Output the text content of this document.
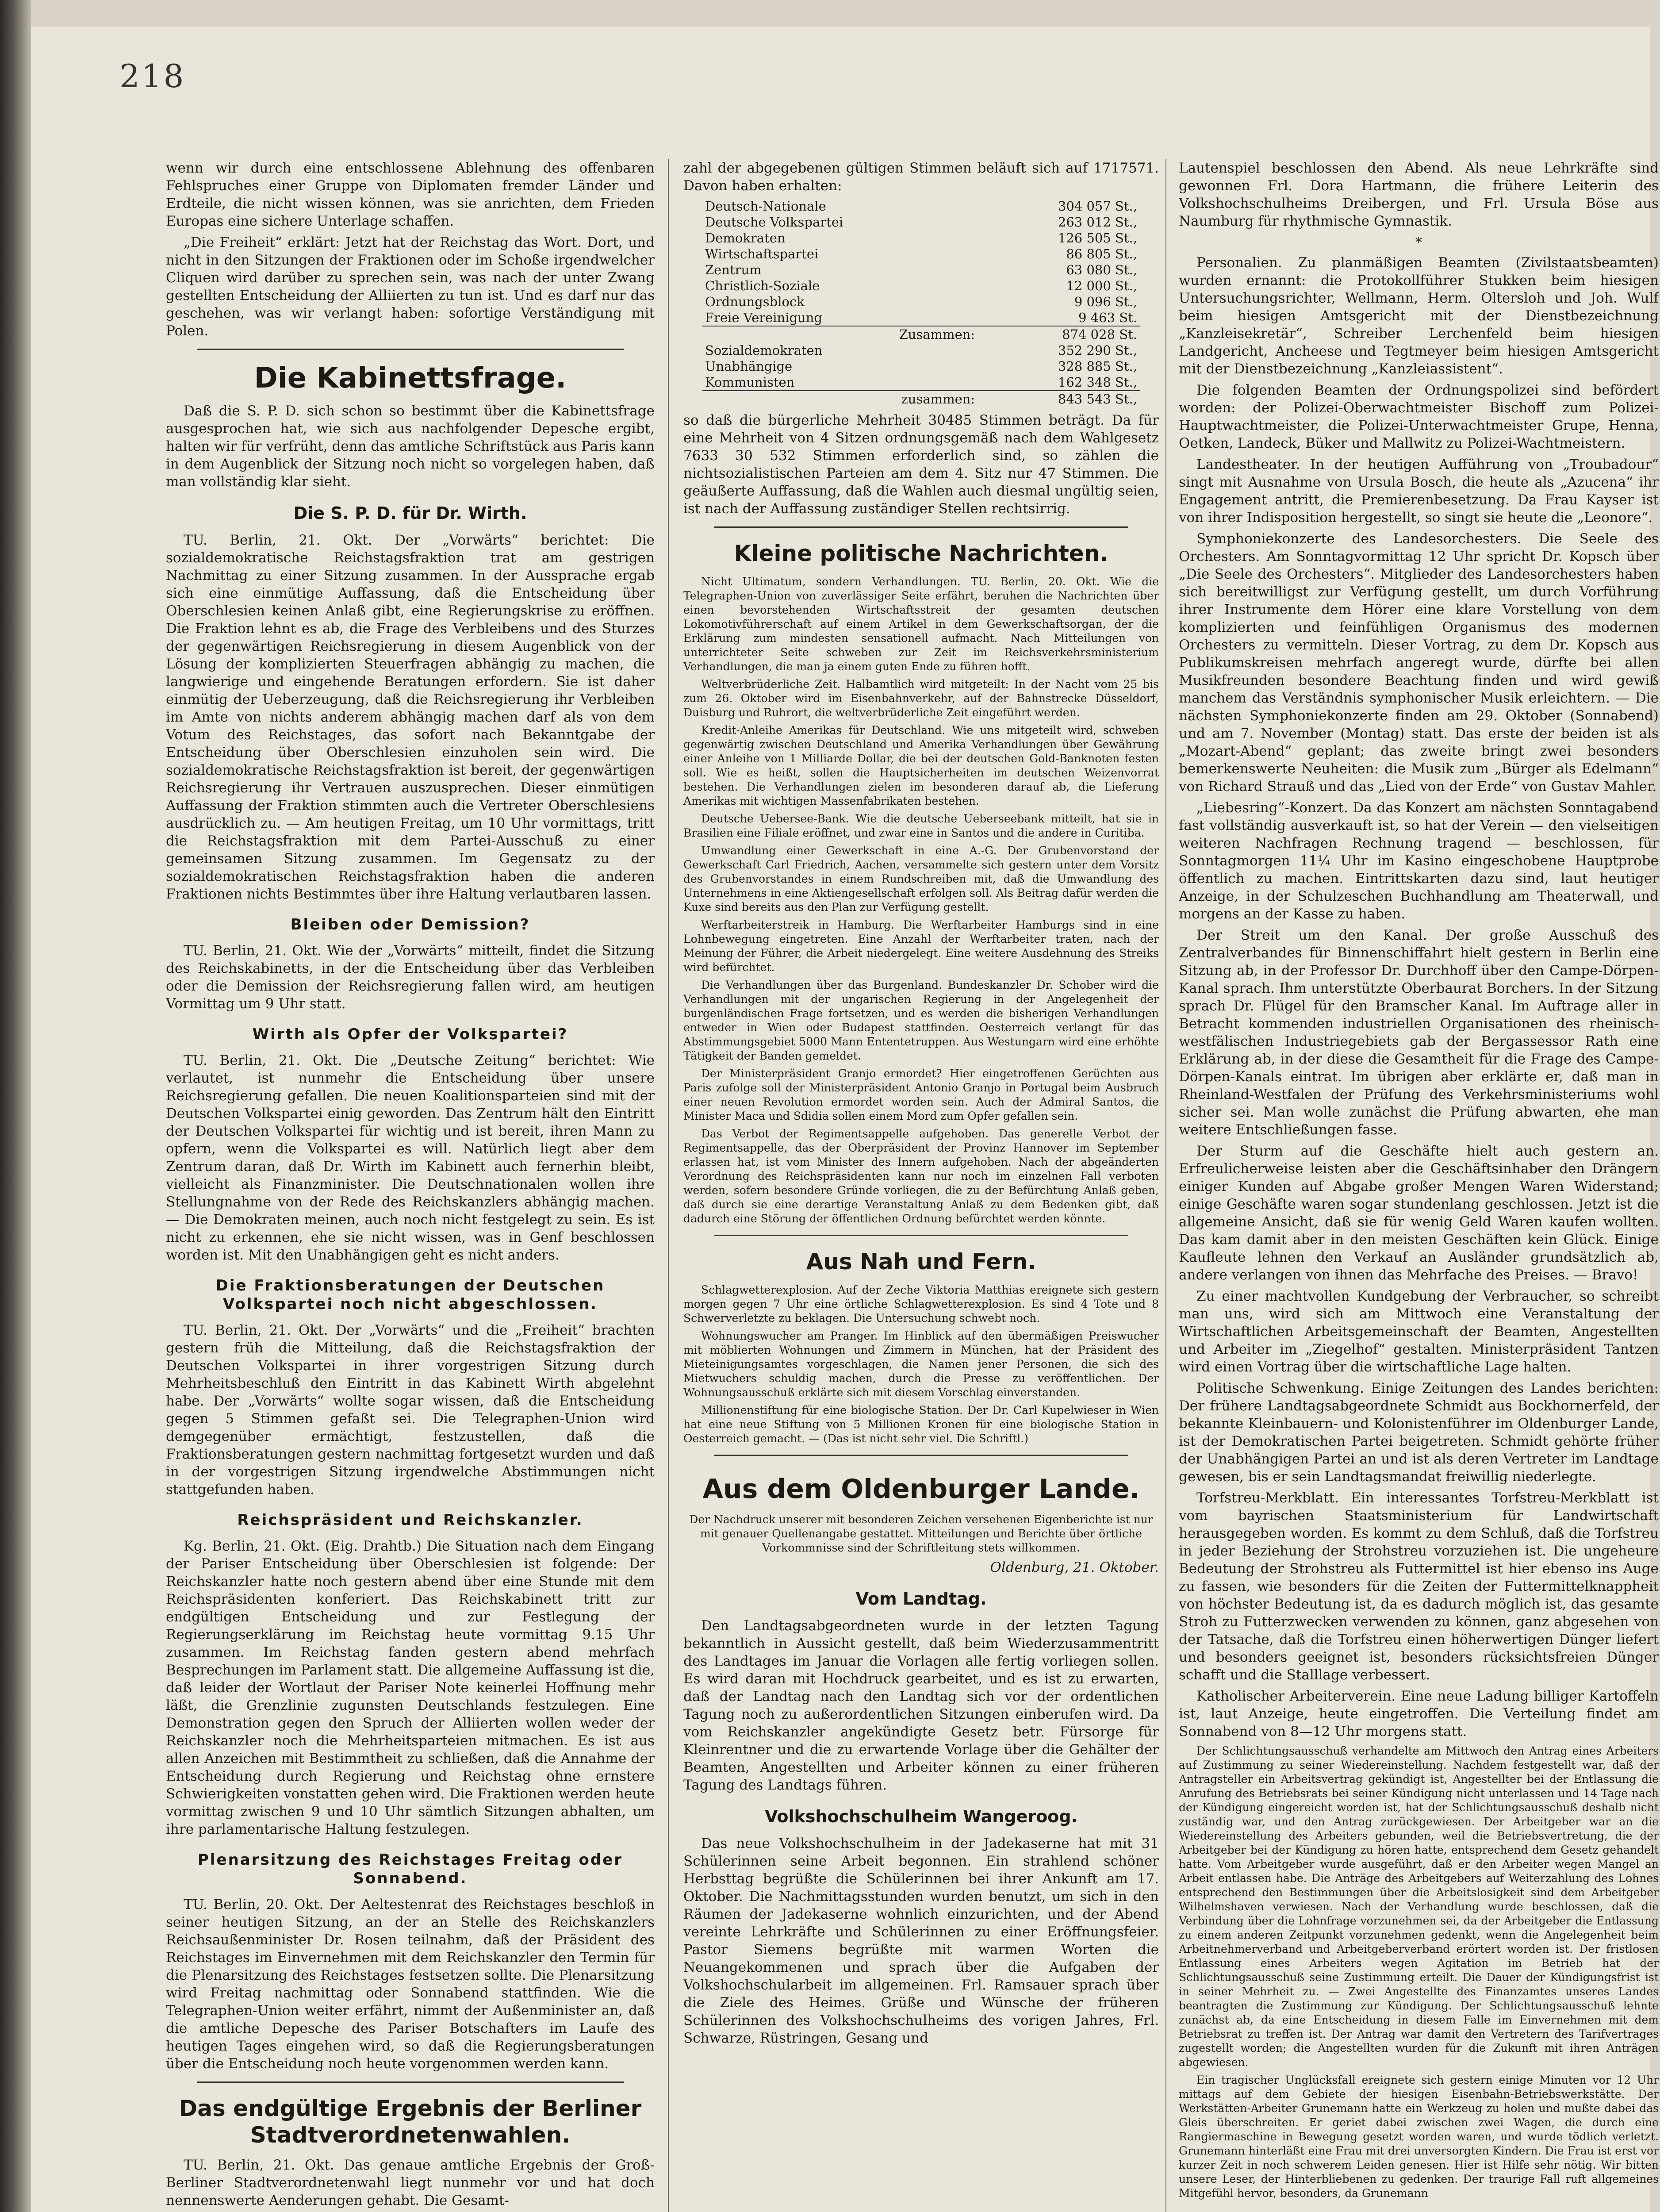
218

wenn wir durch eine entschlossene Ablehnung des offenbaren Fehlspruches einer Gruppe von Diplomaten fremder Länder und Erdteile, die nicht wissen können, was sie anrichten, dem Frieden Europas eine sichere Unterlage schaffen.

„Die Freiheit“ erklärt: Jetzt hat der Reichstag das Wort. Dort, und nicht in den Sitzungen der Fraktionen oder im Schoße irgendwelcher Cliquen wird darüber zu sprechen sein, was nach der unter Zwang gestellten Entscheidung der Alliierten zu tun ist. Und es darf nur das geschehen, was wir verlangt haben: sofortige Verständigung mit Polen.

Die Kabinettsfrage.

Daß die S. P. D. sich schon so bestimmt über die Kabinettsfrage ausgesprochen hat, wie sich aus nachfolgender Depesche ergibt, halten wir für verfrüht, denn das amtliche Schriftstück aus Paris kann in dem Augenblick der Sitzung noch nicht so vorgelegen haben, daß man vollständig klar sieht.

Die S. P. D. für Dr. Wirth.

TU. Berlin, 21. Okt. Der „Vorwärts“ berichtet: Die sozialdemokratische Reichstagsfraktion trat am gestrigen Nachmittag zu einer Sitzung zusammen. In der Aussprache ergab sich eine einmütige Auffassung, daß die Entscheidung über Oberschlesien keinen Anlaß gibt, eine Regierungskrise zu eröffnen. Die Fraktion lehnt es ab, die Frage des Verbleibens und des Sturzes der gegenwärtigen Reichsregierung in diesem Augenblick von der Lösung der komplizierten Steuerfragen abhängig zu machen, die langwierige und eingehende Beratungen erfordern. Sie ist daher einmütig der Ueberzeugung, daß die Reichsregierung ihr Verbleiben im Amte von nichts anderem abhängig machen darf als von dem Votum des Reichstages, das sofort nach Bekanntgabe der Entscheidung über Oberschlesien einzuholen sein wird. Die sozialdemokratische Reichstagsfraktion ist bereit, der gegenwärtigen Reichsregierung ihr Vertrauen auszusprechen. Dieser einmütigen Auffassung der Fraktion stimmten auch die Vertreter Oberschlesiens ausdrücklich zu. — Am heutigen Freitag, um 10 Uhr vormittags, tritt die Reichstagsfraktion mit dem Partei-Ausschuß zu einer gemeinsamen Sitzung zusammen. Im Gegensatz zu der sozialdemokratischen Reichstagsfraktion haben die anderen Fraktionen nichts Bestimmtes über ihre Haltung verlautbaren lassen.

Bleiben oder Demission?

TU. Berlin, 21. Okt. Wie der „Vorwärts“ mitteilt, findet die Sitzung des Reichskabinetts, in der die Entscheidung über das Verbleiben oder die Demission der Reichsregierung fallen wird, am heutigen Vormittag um 9 Uhr statt.

Wirth als Opfer der Volkspartei?

TU. Berlin, 21. Okt. Die „Deutsche Zeitung“ berichtet: Wie verlautet, ist nunmehr die Entscheidung über unsere Reichsregierung gefallen. Die neuen Koalitionsparteien sind mit der Deutschen Volkspartei einig geworden. Das Zentrum hält den Eintritt der Deutschen Volkspartei für wichtig und ist bereit, ihren Mann zu opfern, wenn die Volkspartei es will. Natürlich liegt aber dem Zentrum daran, daß Dr. Wirth im Kabinett auch fernerhin bleibt, vielleicht als Finanzminister. Die Deutschnationalen wollen ihre Stellungnahme von der Rede des Reichskanzlers abhängig machen. — Die Demokraten meinen, auch noch nicht festgelegt zu sein. Es ist nicht zu erkennen, ehe sie nicht wissen, was in Genf beschlossen worden ist. Mit den Unabhängigen geht es nicht anders.

Die Fraktionsberatungen der Deutschen Volkspartei noch nicht abgeschlossen.

TU. Berlin, 21. Okt. Der „Vorwärts“ und die „Freiheit“ brachten gestern früh die Mitteilung, daß die Reichstagsfraktion der Deutschen Volkspartei in ihrer vorgestrigen Sitzung durch Mehrheitsbeschluß den Eintritt in das Kabinett Wirth abgelehnt habe. Der „Vorwärts“ wollte sogar wissen, daß die Entscheidung gegen 5 Stimmen gefaßt sei. Die Telegraphen-Union wird demgegenüber ermächtigt, festzustellen, daß die Fraktionsberatungen gestern nachmittag fortgesetzt wurden und daß in der vorgestrigen Sitzung irgendwelche Abstimmungen nicht stattgefunden haben.

Reichspräsident und Reichskanzler.

Kg. Berlin, 21. Okt. (Eig. Drahtb.) Die Situation nach dem Eingang der Pariser Entscheidung über Oberschlesien ist folgende: Der Reichskanzler hatte noch gestern abend über eine Stunde mit dem Reichspräsidenten konferiert. Das Reichskabinett tritt zur endgültigen Entscheidung und zur Festlegung der Regierungserklärung im Reichstag heute vormittag 9.15 Uhr zusammen. Im Reichstag fanden gestern abend mehrfach Besprechungen im Parlament statt. Die allgemeine Auffassung ist die, daß leider der Wortlaut der Pariser Note keinerlei Hoffnung mehr läßt, die Grenzlinie zugunsten Deutschlands festzulegen. Eine Demonstration gegen den Spruch der Alliierten wollen weder der Reichskanzler noch die Mehrheitsparteien mitmachen. Es ist aus allen Anzeichen mit Bestimmtheit zu schließen, daß die Annahme der Entscheidung durch Regierung und Reichstag ohne ernstere Schwierigkeiten vonstatten gehen wird. Die Fraktionen werden heute vormittag zwischen 9 und 10 Uhr sämtlich Sitzungen abhalten, um ihre parlamentarische Haltung festzulegen.

Plenarsitzung des Reichstages Freitag oder Sonnabend.

TU. Berlin, 20. Okt. Der Aeltestenrat des Reichstages beschloß in seiner heutigen Sitzung, an der an Stelle des Reichskanzlers Reichsaußenminister Dr. Rosen teilnahm, daß der Präsident des Reichstages im Einvernehmen mit dem Reichskanzler den Termin für die Plenarsitzung des Reichstages festsetzen sollte. Die Plenarsitzung wird Freitag nachmittag oder Sonnabend stattfinden. Wie die Telegraphen-Union weiter erfährt, nimmt der Außenminister an, daß die amtliche Depesche des Pariser Botschafters im Laufe des heutigen Tages eingehen wird, so daß die Regierungsberatungen über die Entscheidung noch heute vorgenommen werden kann.

Das endgültige Ergebnis der Berliner Stadtverordnetenwahlen.

TU. Berlin, 21. Okt. Das genaue amtliche Ergebnis der Groß-Berliner Stadtverordnetenwahl liegt nunmehr vor und hat doch nennenswerte Aenderungen gehabt. Die Gesamt-

zahl der abgegebenen gültigen Stimmen beläuft sich auf 1717571. Davon haben erhalten:

Deutsch-Nationale	304 057 St.,
Deutsche Volkspartei	263 012 St.,
Demokraten	126 505 St.,
Wirtschaftspartei	86 805 St.,
Zentrum	63 080 St.,
Christlich-Soziale	12 000 St.,
Ordnungsblock	9 096 St.,
Freie Vereinigung	9 463 St.
Zusammen:	874 028 St.
Sozialdemokraten	352 290 St.,
Unabhängige	328 885 St.,
Kommunisten	162 348 St.,
zusammen:	843 543 St.,

so daß die bürgerliche Mehrheit 30485 Stimmen beträgt. Da für eine Mehrheit von 4 Sitzen ordnungsgemäß nach dem Wahlgesetz 7633 30 532 Stimmen erforderlich sind, so zählen die nichtsozialistischen Parteien am dem 4. Sitz nur 47 Stimmen. Die geäußerte Auffassung, daß die Wahlen auch diesmal ungültig seien, ist nach der Auffassung zuständiger Stellen rechtsirrig.

Kleine politische Nachrichten.

Nicht Ultimatum, sondern Verhandlungen. TU. Berlin, 20. Okt. Wie die Telegraphen-Union von zuverlässiger Seite erfährt, beruhen die Nachrichten über einen bevorstehenden Wirtschaftsstreit der gesamten deutschen Lokomotivführerschaft auf einem Artikel in dem Gewerkschaftsorgan, der die Erklärung zum mindesten sensationell aufmacht. Nach Mitteilungen von unterrichteter Seite schweben zur Zeit im Reichsverkehrsministerium Verhandlungen, die man ja einem guten Ende zu führen hofft.

Weltverbrüderliche Zeit. Halbamtlich wird mitgeteilt: In der Nacht vom 25 bis zum 26. Oktober wird im Eisenbahnverkehr, auf der Bahnstrecke Düsseldorf, Duisburg und Ruhrort, die weltverbrüderliche Zeit eingeführt werden.

Kredit-Anleihe Amerikas für Deutschland. Wie uns mitgeteilt wird, schweben gegenwärtig zwischen Deutschland und Amerika Verhandlungen über Gewährung einer Anleihe von 1 Milliarde Dollar, die bei der deutschen Gold-Banknoten festen soll. Wie es heißt, sollen die Hauptsicherheiten im deutschen Weizenvorrat bestehen. Die Verhandlungen zielen im besonderen darauf ab, die Lieferung Amerikas mit wichtigen Massenfabrikaten bestehen.

Deutsche Uebersee-Bank. Wie die deutsche Ueberseebank mitteilt, hat sie in Brasilien eine Filiale eröffnet, und zwar eine in Santos und die andere in Curitiba.

Umwandlung einer Gewerkschaft in eine A.-G. Der Grubenvorstand der Gewerkschaft Carl Friedrich, Aachen, versammelte sich gestern unter dem Vorsitz des Grubenvorstandes in einem Rundschreiben mit, daß die Umwandlung des Unternehmens in eine Aktiengesellschaft erfolgen soll. Als Beitrag dafür werden die Kuxe sind bereits aus den Plan zur Verfügung gestellt.

Werftarbeiterstreik in Hamburg. Die Werftarbeiter Hamburgs sind in eine Lohnbewegung eingetreten. Eine Anzahl der Werftarbeiter traten, nach der Meinung der Führer, die Arbeit niedergelegt. Eine weitere Ausdehnung des Streiks wird befürchtet.

Die Verhandlungen über das Burgenland. Bundeskanzler Dr. Schober wird die Verhandlungen mit der ungarischen Regierung in der Angelegenheit der burgenländischen Frage fortsetzen, und es werden die bisherigen Verhandlungen entweder in Wien oder Budapest stattfinden. Oesterreich verlangt für das Abstimmungsgebiet 5000 Mann Ententetruppen. Aus Westungarn wird eine erhöhte Tätigkeit der Banden gemeldet.

Der Ministerpräsident Granjo ermordet? Hier eingetroffenen Gerüchten aus Paris zufolge soll der Ministerpräsident Antonio Granjo in Portugal beim Ausbruch einer neuen Revolution ermordet worden sein. Auch der Admiral Santos, die Minister Maca und Sdidia sollen einem Mord zum Opfer gefallen sein.

Das Verbot der Regimentsappelle aufgehoben. Das generelle Verbot der Regimentsappelle, das der Oberpräsident der Provinz Hannover im September erlassen hat, ist vom Minister des Innern aufgehoben. Nach der abgeänderten Verordnung des Reichspräsidenten kann nur noch im einzelnen Fall verboten werden, sofern besondere Gründe vorliegen, die zu der Befürchtung Anlaß geben, daß durch sie eine derartige Veranstaltung Anlaß zu dem Bedenken gibt, daß dadurch eine Störung der öffentlichen Ordnung befürchtet werden könnte.

Aus Nah und Fern.

Schlagwetterexplosion. Auf der Zeche Viktoria Matthias ereignete sich gestern morgen gegen 7 Uhr eine örtliche Schlagwetterexplosion. Es sind 4 Tote und 8 Schwerverletzte zu beklagen. Die Untersuchung schwebt noch.

Wohnungswucher am Pranger. Im Hinblick auf den übermäßigen Preiswucher mit möblierten Wohnungen und Zimmern in München, hat der Präsident des Mieteinigungsamtes vorgeschlagen, die Namen jener Personen, die sich des Mietwuchers schuldig machen, durch die Presse zu veröffentlichen. Der Wohnungsausschuß erklärte sich mit diesem Vorschlag einverstanden.

Millionenstiftung für eine biologische Station. Der Dr. Carl Kupelwieser in Wien hat eine neue Stiftung von 5 Millionen Kronen für eine biologische Station in Oesterreich gemacht. — (Das ist nicht sehr viel. Die Schriftl.)

Aus dem Oldenburger Lande.

Der Nachdruck unserer mit besonderen Zeichen versehenen Eigenberichte ist nur mit genauer Quellenangabe gestattet. Mitteilungen und Berichte über örtliche Vorkommnisse sind der Schriftleitung stets willkommen.

Oldenburg, 21. Oktober.
Vom Landtag.

Den Landtagsabgeordneten wurde in der letzten Tagung bekanntlich in Aussicht gestellt, daß beim Wiederzusammentritt des Landtages im Januar die Vorlagen alle fertig vorliegen sollen. Es wird daran mit Hochdruck gearbeitet, und es ist zu erwarten, daß der Landtag nach den Landtag sich vor der ordentlichen Tagung noch zu außerordentlichen Sitzungen einberufen wird. Da vom Reichskanzler angekündigte Gesetz betr. Fürsorge für Kleinrentner und die zu erwartende Vorlage über die Gehälter der Beamten, Angestellten und Arbeiter können zu einer früheren Tagung des Landtags führen.

Volkshochschulheim Wangeroog.

Das neue Volkshochschulheim in der Jadekaserne hat mit 31 Schülerinnen seine Arbeit begonnen. Ein strahlend schöner Herbsttag begrüßte die Schülerinnen bei ihrer Ankunft am 17. Oktober. Die Nachmittagsstunden wurden benutzt, um sich in den Räumen der Jadekaserne wohnlich einzurichten, und der Abend vereinte Lehrkräfte und Schülerinnen zu einer Eröffnungsfeier. Pastor Siemens begrüßte mit warmen Worten die Neuangekommenen und sprach über die Aufgaben der Volkshochschularbeit im allgemeinen. Frl. Ramsauer sprach über die Ziele des Heimes. Grüße und Wünsche der früheren Schülerinnen des Volkshochschulheims des vorigen Jahres, Frl. Schwarze, Rüstringen, Gesang und

Lautenspiel beschlossen den Abend. Als neue Lehrkräfte sind gewonnen Frl. Dora Hartmann, die frühere Leiterin des Volkshochschulheims Dreibergen, und Frl. Ursula Böse aus Naumburg für rhythmische Gymnastik.

*

Personalien. Zu planmäßigen Beamten (Zivilstaatsbeamten) wurden ernannt: die Protokollführer Stukken beim hiesigen Untersuchungsrichter, Wellmann, Herm. Oltersloh und Joh. Wulf beim hiesigen Amtsgericht mit der Dienstbezeichnung „Kanzleisekretär“, Schreiber Lerchenfeld beim hiesigen Landgericht, Ancheese und Tegtmeyer beim hiesigen Amtsgericht mit der Dienstbezeichnung „Kanzleiassistent“.

Die folgenden Beamten der Ordnungspolizei sind befördert worden: der Polizei-Oberwachtmeister Bischoff zum Polizei-Hauptwachtmeister, die Polizei-Unterwachtmeister Grupe, Henna, Oetken, Landeck, Büker und Mallwitz zu Polizei-Wachtmeistern.

Landestheater. In der heutigen Aufführung von „Troubadour“ singt mit Ausnahme von Ursula Bosch, die heute als „Azucena“ ihr Engagement antritt, die Premierenbesetzung. Da Frau Kayser ist von ihrer Indisposition hergestellt, so singt sie heute die „Leonore“.

Symphoniekonzerte des Landesorchesters. Die Seele des Orchesters. Am Sonntagvormittag 12 Uhr spricht Dr. Kopsch über „Die Seele des Orchesters“. Mitglieder des Landesorchesters haben sich bereitwilligst zur Verfügung gestellt, um durch Vorführung ihrer Instrumente dem Hörer eine klare Vorstellung von dem komplizierten und feinfühligen Organismus des modernen Orchesters zu vermitteln. Dieser Vortrag, zu dem Dr. Kopsch aus Publikumskreisen mehrfach angeregt wurde, dürfte bei allen Musikfreunden besondere Beachtung finden und wird gewiß manchem das Verständnis symphonischer Musik erleichtern. — Die nächsten Symphoniekonzerte finden am 29. Oktober (Sonnabend) und am 7. November (Montag) statt. Das erste der beiden ist als „Mozart-Abend“ geplant; das zweite bringt zwei besonders bemerkenswerte Neuheiten: die Musik zum „Bürger als Edelmann“ von Richard Strauß und das „Lied von der Erde“ von Gustav Mahler.

„Liebesring“-Konzert. Da das Konzert am nächsten Sonntagabend fast vollständig ausverkauft ist, so hat der Verein — den vielseitigen weiteren Nachfragen Rechnung tragend — beschlossen, für Sonntagmorgen 11¼ Uhr im Kasino eingeschobene Hauptprobe öffentlich zu machen. Eintrittskarten dazu sind, laut heutiger Anzeige, in der Schulzeschen Buchhandlung am Theaterwall, und morgens an der Kasse zu haben.

Der Streit um den Kanal. Der große Ausschuß des Zentralverbandes für Binnenschiffahrt hielt gestern in Berlin eine Sitzung ab, in der Professor Dr. Durchhoff über den Campe-Dörpen-Kanal sprach. Ihm unterstützte Oberbaurat Borchers. In der Sitzung sprach Dr. Flügel für den Bramscher Kanal. Im Auftrage aller in Betracht kommenden industriellen Organisationen des rheinisch-westfälischen Industriegebiets gab der Bergassessor Rath eine Erklärung ab, in der diese die Gesamtheit für die Frage des Campe-Dörpen-Kanals eintrat. Im übrigen aber erklärte er, daß man in Rheinland-Westfalen der Prüfung des Verkehrsministeriums wohl sicher sei. Man wolle zunächst die Prüfung abwarten, ehe man weitere Entschließungen fasse.

Der Sturm auf die Geschäfte hielt auch gestern an. Erfreulicherweise leisten aber die Geschäftsinhaber den Drängern einiger Kunden auf Abgabe großer Mengen Waren Widerstand; einige Geschäfte waren sogar stundenlang geschlossen. Jetzt ist die allgemeine Ansicht, daß sie für wenig Geld Waren kaufen wollten. Das kam damit aber in den meisten Geschäften kein Glück. Einige Kaufleute lehnen den Verkauf an Ausländer grundsätzlich ab, andere verlangen von ihnen das Mehrfache des Preises. — Bravo!

Zu einer machtvollen Kundgebung der Verbraucher, so schreibt man uns, wird sich am Mittwoch eine Veranstaltung der Wirtschaftlichen Arbeitsgemeinschaft der Beamten, Angestellten und Arbeiter im „Ziegelhof“ gestalten. Ministerpräsident Tantzen wird einen Vortrag über die wirtschaftliche Lage halten.

Politische Schwenkung. Einige Zeitungen des Landes berichten: Der frühere Landtagsabgeordnete Schmidt aus Bockhornerfeld, der bekannte Kleinbauern- und Kolonistenführer im Oldenburger Lande, ist der Demokratischen Partei beigetreten. Schmidt gehörte früher der Unabhängigen Partei an und ist als deren Vertreter im Landtage gewesen, bis er sein Landtagsmandat freiwillig niederlegte.

Torfstreu-Merkblatt. Ein interessantes Torfstreu-Merkblatt ist vom bayrischen Staatsministerium für Landwirtschaft herausgegeben worden. Es kommt zu dem Schluß, daß die Torfstreu in jeder Beziehung der Strohstreu vorzuziehen ist. Die ungeheure Bedeutung der Strohstreu als Futtermittel ist hier ebenso ins Auge zu fassen, wie besonders für die Zeiten der Futtermittelknappheit von höchster Bedeutung ist, da es dadurch möglich ist, das gesamte Stroh zu Futterzwecken verwenden zu können, ganz abgesehen von der Tatsache, daß die Torfstreu einen höherwertigen Dünger liefert und besonders geeignet ist, besonders rücksichtsfreien Dünger schafft und die Stalllage verbessert.

Katholischer Arbeiterverein. Eine neue Ladung billiger Kartoffeln ist, laut Anzeige, heute eingetroffen. Die Verteilung findet am Sonnabend von 8—12 Uhr morgens statt.

Der Schlichtungsausschuß verhandelte am Mittwoch den Antrag eines Arbeiters auf Zustimmung zu seiner Wiedereinstellung. Nachdem festgestellt war, daß der Antragsteller ein Arbeitsvertrag gekündigt ist, Angestellter bei der Entlassung die Anrufung des Betriebsrats bei seiner Kündigung nicht unterlassen und 14 Tage nach der Kündigung eingereicht worden ist, hat der Schlichtungsausschuß deshalb nicht zuständig war, und den Antrag zurückgewiesen. Der Arbeitgeber war an die Wiedereinstellung des Arbeiters gebunden, weil die Betriebsvertretung, die der Arbeitgeber bei der Kündigung zu hören hatte, entsprechend dem Gesetz gehandelt hatte. Vom Arbeitgeber wurde ausgeführt, daß er den Arbeiter wegen Mangel an Arbeit entlassen habe. Die Anträge des Arbeitgebers auf Weiterzahlung des Lohnes entsprechend den Bestimmungen über die Arbeitslosigkeit sind dem Arbeitgeber Wilhelmshaven verwiesen. Nach der Verhandlung wurde beschlossen, daß die Verbindung über die Lohnfrage vorzunehmen sei, da der Arbeitgeber die Entlassung zu einem anderen Zeitpunkt vorzunehmen gedenkt, wenn die Angelegenheit beim Arbeitnehmerverband und Arbeitgeberverband erörtert worden ist. Der fristlosen Entlassung eines Arbeiters wegen Agitation im Betrieb hat der Schlichtungsausschuß seine Zustimmung erteilt. Die Dauer der Kündigungsfrist ist in seiner Mehrheit zu. — Zwei Angestellte des Finanzamtes unseres Landes beantragten die Zustimmung zur Kündigung. Der Schlichtungsausschuß lehnte zunächst ab, da eine Entscheidung in diesem Falle im Einvernehmen mit dem Betriebsrat zu treffen ist. Der Antrag war damit den Vertretern des Tarifvertrages zugestellt worden; die Angestellten wurden für die Zukunft mit ihren Anträgen abgewiesen.

Ein tragischer Unglücksfall ereignete sich gestern einige Minuten vor 12 Uhr mittags auf dem Gebiete der hiesigen Eisenbahn-Betriebswerkstätte. Der Werkstätten-Arbeiter Grunemann hatte ein Werkzeug zu holen und mußte dabei das Gleis überschreiten. Er geriet dabei zwischen zwei Wagen, die durch eine Rangiermaschine in Bewegung gesetzt worden waren, und wurde tödlich verletzt. Grunemann hinterläßt eine Frau mit drei unversorgten Kindern. Die Frau ist erst vor kurzer Zeit in noch schwerem Leiden genesen. Hier ist Hilfe sehr nötig. Wir bitten unsere Leser, der Hinterbliebenen zu gedenken. Der traurige Fall ruft allgemeines Mitgefühl hervor, besonders, da Grunemann
